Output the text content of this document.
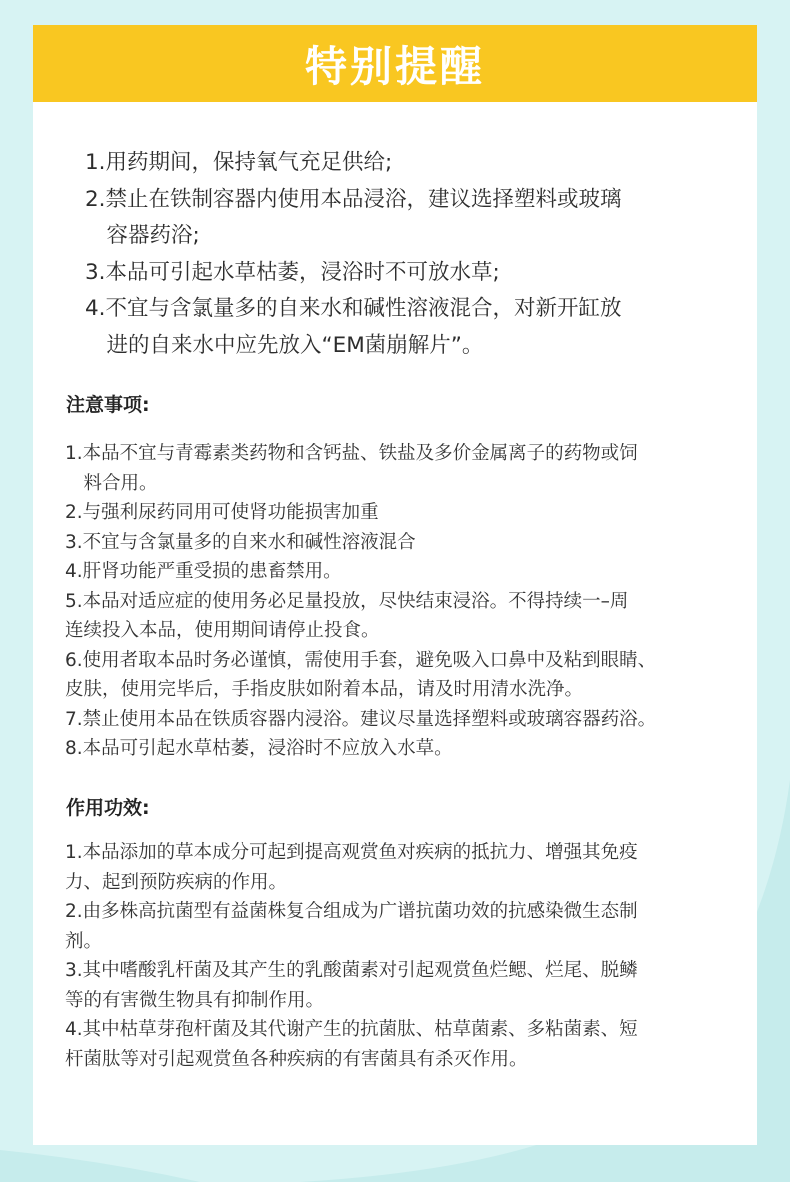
特别提醒
1.用药期间，保持氧气充足供给;
2.禁止在铁制容器内使用本品浸浴，建议选择塑料或玻璃
　容器药浴;
3.本品可引起水草枯萎，浸浴时不可放水草;
4.不宜与含氯量多的自来水和碱性溶液混合，对新开缸放
　进的自来水中应先放入“EM菌崩解片”。
注意事项:
1.本品不宜与青霉素类药物和含钙盐、铁盐及多价金属离子的药物或饲
　料合用。
2.与强利尿药同用可使肾功能损害加重
3.不宜与含氯量多的自来水和碱性溶液混合
4.肝肾功能严重受损的患畜禁用。
5.本品对适应症的使用务必足量投放，尽快结束浸浴。不得持续一–周
连续投入本品，使用期间请停止投食。
6.使用者取本品时务必谨慎，需使用手套，避免吸入口鼻中及粘到眼睛、
皮肤，使用完毕后，手指皮肤如附着本品，请及时用清水洗净。
7.禁止使用本品在铁质容器内浸浴。建议尽量选择塑料或玻璃容器药浴。
8.本品可引起水草枯萎，浸浴时不应放入水草。
作用功效:
1.本品添加的草本成分可起到提高观赏鱼对疾病的抵抗力、增强其免疫
力、起到预防疾病的作用。
2.由多株高抗菌型有益菌株复合组成为广谱抗菌功效的抗感染微生态制
剂。
3.其中嗜酸乳杆菌及其产生的乳酸菌素对引起观赏鱼烂鳃、烂尾、脱鳞
等的有害微生物具有抑制作用。
4.其中枯草芽孢杆菌及其代谢产生的抗菌肽、枯草菌素、多粘菌素、短
杆菌肽等对引起观赏鱼各种疾病的有害菌具有杀灭作用。
